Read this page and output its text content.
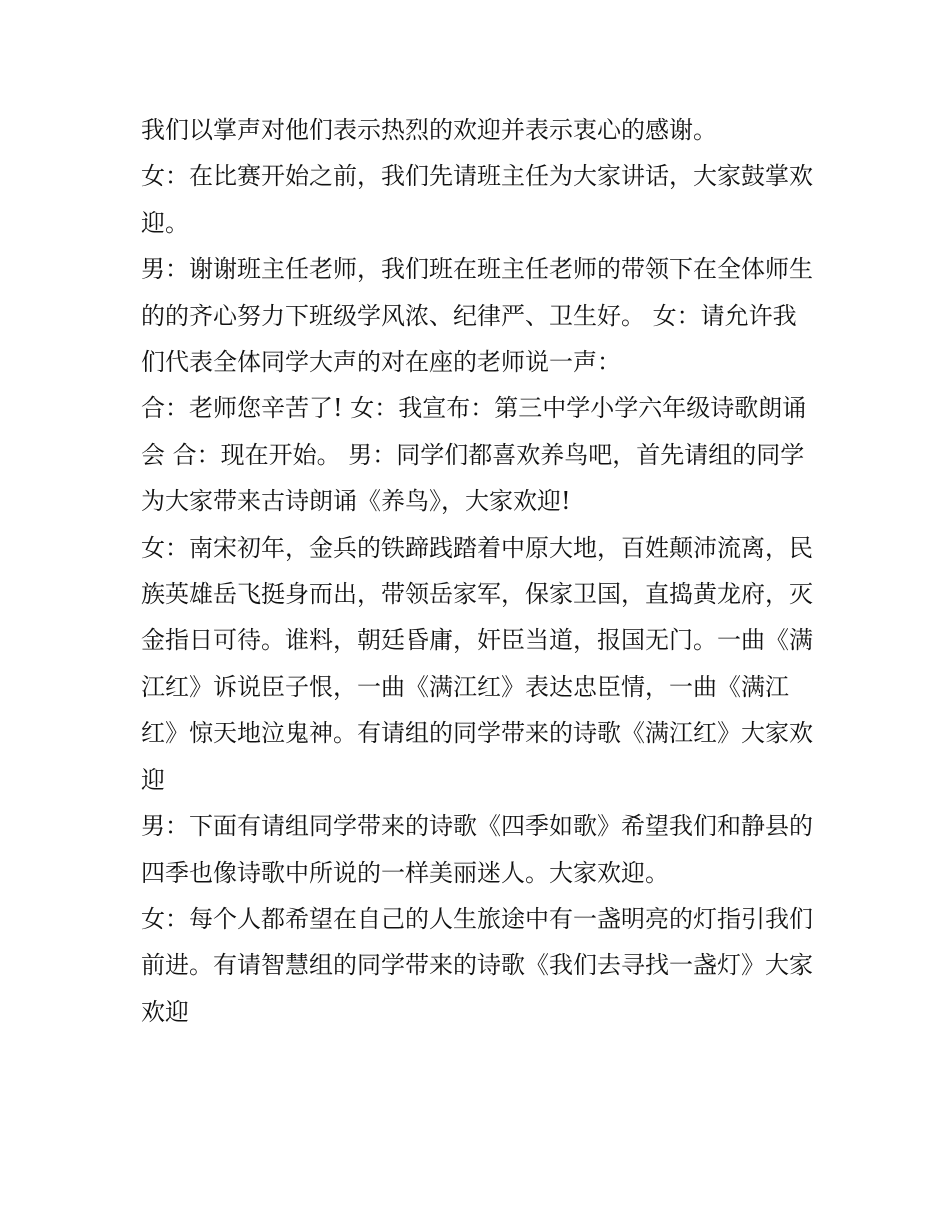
我们以掌声对他们表示热烈的欢迎并表示衷心的感谢。

女：在比赛开始之前，我们先请班主任为大家讲话，大家鼓掌欢迎。

男：谢谢班主任老师，我们班在班主任老师的带领下在全体师生的的齐心努力下班级学风浓、纪律严、卫生好。 女：请允许我们代表全体同学大声的对在座的老师说一声：

合：老师您辛苦了! 女：我宣布：第三中学小学六年级诗歌朗诵会 合：现在开始。 男：同学们都喜欢养鸟吧，首先请组的同学为大家带来古诗朗诵《养鸟》，大家欢迎!

女：南宋初年，金兵的铁蹄践踏着中原大地，百姓颠沛流离，民族英雄岳飞挺身而出，带领岳家军，保家卫国，直捣黄龙府，灭金指日可待。谁料，朝廷昏庸，奸臣当道，报国无门。一曲《满江红》诉说臣子恨，一曲《满江红》表达忠臣情，一曲《满江红》惊天地泣鬼神。有请组的同学带来的诗歌《满江红》大家欢迎

男：下面有请组同学带来的诗歌《四季如歌》希望我们和静县的四季也像诗歌中所说的一样美丽迷人。大家欢迎。

女：每个人都希望在自己的人生旅途中有一盏明亮的灯指引我们前进。有请智慧组的同学带来的诗歌《我们去寻找一盏灯》大家欢迎
